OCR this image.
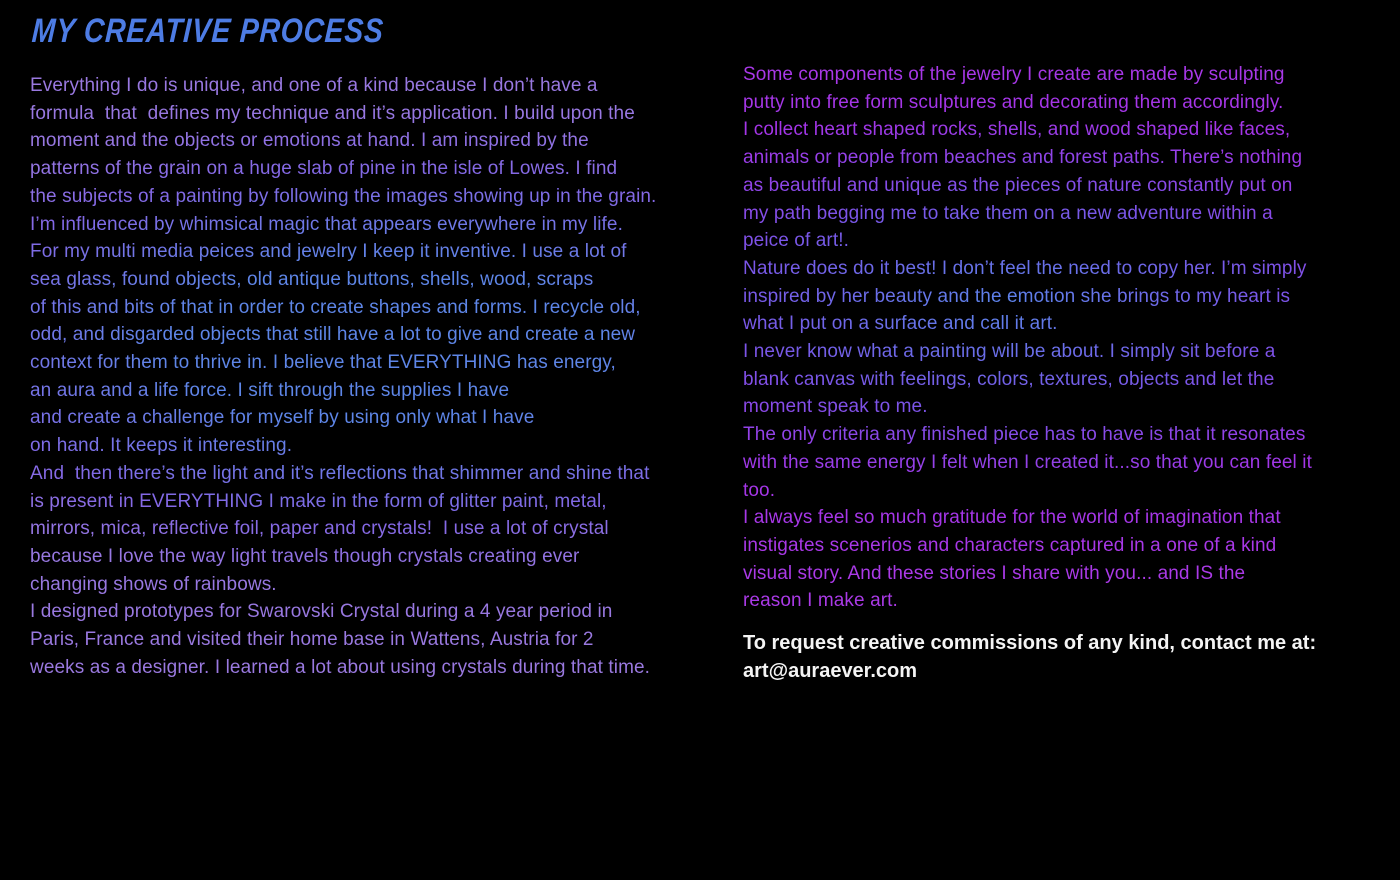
MY CREATIVE PROCESS
Everything I do is unique, and one of a kind because I don’t have a
formula  that  defines my technique and it’s application. I build upon the
moment and the objects or emotions at hand. I am inspired by the
patterns of the grain on a huge slab of pine in the isle of Lowes. I find
the subjects of a painting by following the images showing up in the grain.
I’m influenced by whimsical magic that appears everywhere in my life.
For my multi media peices and jewelry I keep it inventive. I use a lot of
sea glass, found objects, old antique buttons, shells, wood, scraps
of this and bits of that in order to create shapes and forms. I recycle old,
odd, and disgarded objects that still have a lot to give and create a new
context for them to thrive in. I believe that EVERYTHING has energy,
an aura and a life force. I sift through the supplies I have
and create a challenge for myself by using only what I have
on hand. It keeps it interesting.
And  then there’s the light and it’s reflections that shimmer and shine that
is present in EVERYTHING I make in the form of glitter paint, metal,
mirrors, mica, reflective foil, paper and crystals!  I use a lot of crystal
because I love the way light travels though crystals creating ever
changing shows of rainbows.
I designed prototypes for Swarovski Crystal during a 4 year period in
Paris, France and visited their home base in Wattens, Austria for 2
weeks as a designer. I learned a lot about using crystals during that time.
Some components of the jewelry I create are made by sculpting
putty into free form sculptures and decorating them accordingly.
I collect heart shaped rocks, shells, and wood shaped like faces,
animals or people from beaches and forest paths. There’s nothing
as beautiful and unique as the pieces of nature constantly put on
my path begging me to take them on a new adventure within a
peice of art!.
Nature does do it best! I don’t feel the need to copy her. I’m simply
inspired by her beauty and the emotion she brings to my heart is
what I put on a surface and call it art.
I never know what a painting will be about. I simply sit before a
blank canvas with feelings, colors, textures, objects and let the
moment speak to me.
The only criteria any finished piece has to have is that it resonates
with the same energy I felt when I created it...so that you can feel it
too.
I always feel so much gratitude for the world of imagination that
instigates scenerios and characters captured in a one of a kind
visual story. And these stories I share with you... and IS the
reason I make art.
To request creative commissions of any kind, contact me at:
art@auraever.com
